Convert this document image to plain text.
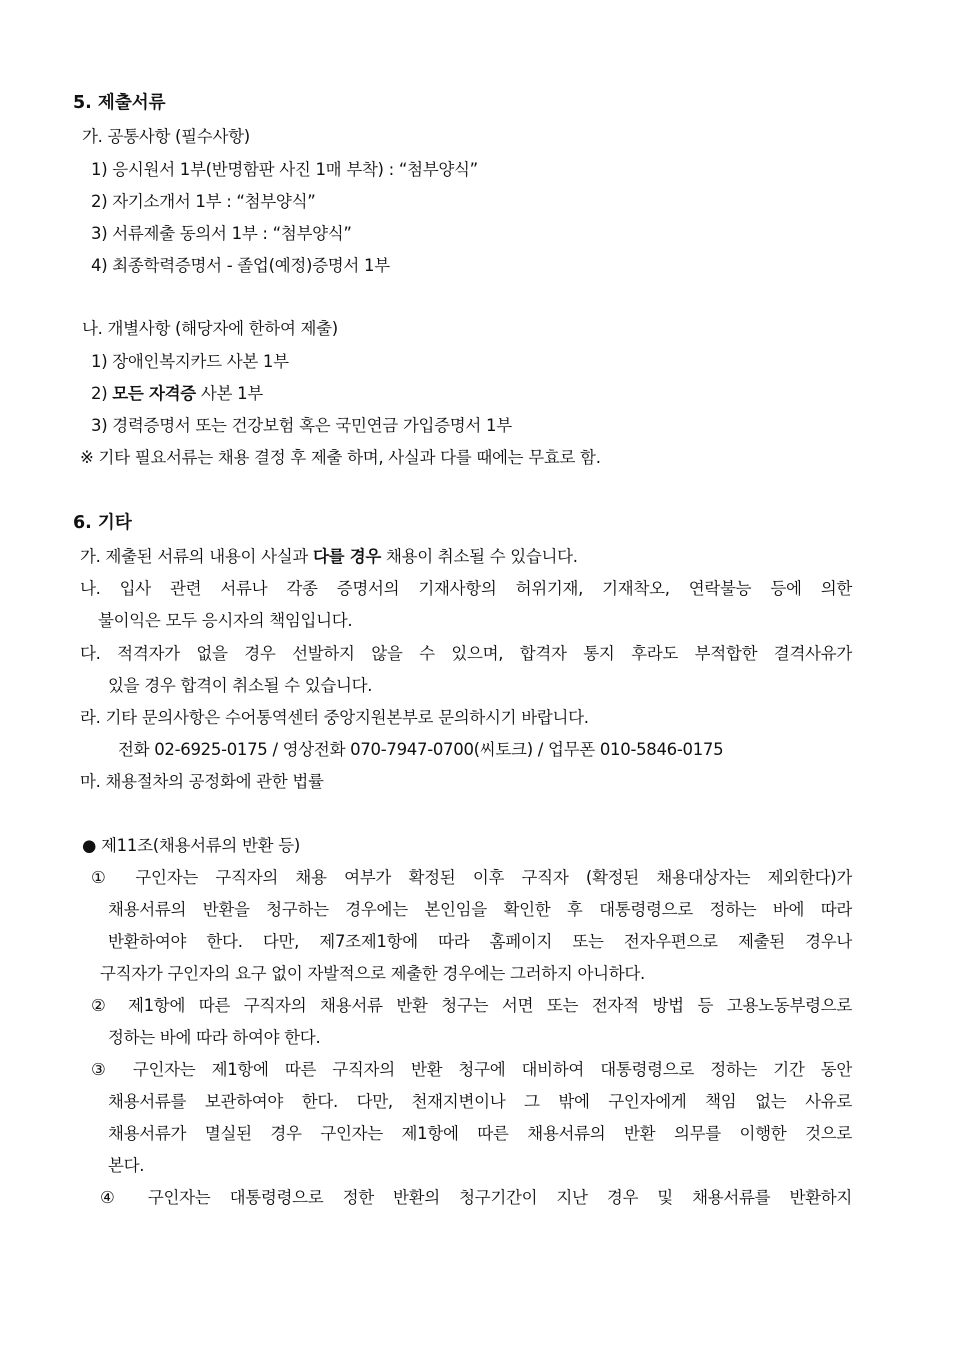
5. 제출서류
가. 공통사항 (필수사항)
1) 응시원서 1부(반명함판 사진 1매 부착) : “첨부양식”
2) 자기소개서 1부 : “첨부양식”
3) 서류제출 동의서 1부 : “첨부양식”
4) 최종학력증명서 - 졸업(예정)증명서 1부
나. 개별사항 (해당자에 한하여 제출)
1) 장애인복지카드 사본 1부
2) 모든 자격증 사본 1부
3) 경력증명서 또는 건강보험 혹은 국민연금 가입증명서 1부
※ 기타 필요서류는 채용 결정 후 제출 하며, 사실과 다를 때에는 무효로 함.
6. 기타
가. 제출된 서류의 내용이 사실과 다를 경우 채용이 취소될 수 있습니다.
나. 입사 관련 서류나 각종 증명서의 기재사항의 허위기재, 기재착오, 연락불능 등에 의한
불이익은 모두 응시자의 책임입니다.
다. 적격자가 없을 경우 선발하지 않을 수 있으며, 합격자 통지 후라도 부적합한 결격사유가
있을 경우 합격이 취소될 수 있습니다.
라. 기타 문의사항은 수어통역센터 중앙지원본부로 문의하시기 바랍니다.
전화 02-6925-0175 / 영상전화 070-7947-0700(씨토크) / 업무폰 010-5846-0175
마. 채용절차의 공정화에 관한 법률
● 제11조(채용서류의 반환 등)
① 구인자는 구직자의 채용 여부가 확정된 이후 구직자 (확정된 채용대상자는 제외한다)가
채용서류의 반환을 청구하는 경우에는 본인임을 확인한 후 대통령령으로 정하는 바에 따라
반환하여야 한다. 다만, 제7조제1항에 따라 홈페이지 또는 전자우편으로 제출된 경우나
구직자가 구인자의 요구 없이 자발적으로 제출한 경우에는 그러하지 아니하다.
② 제1항에 따른 구직자의 채용서류 반환 청구는 서면 또는 전자적 방법 등 고용노동부령으로
정하는 바에 따라 하여야 한다.
③ 구인자는 제1항에 따른 구직자의 반환 청구에 대비하여 대통령령으로 정하는 기간 동안
채용서류를 보관하여야 한다. 다만, 천재지변이나 그 밖에 구인자에게 책임 없는 사유로
채용서류가 멸실된 경우 구인자는 제1항에 따른 채용서류의 반환 의무를 이행한 것으로
본다.
④ 구인자는 대통령령으로 정한 반환의 청구기간이 지난 경우 및 채용서류를 반환하지
